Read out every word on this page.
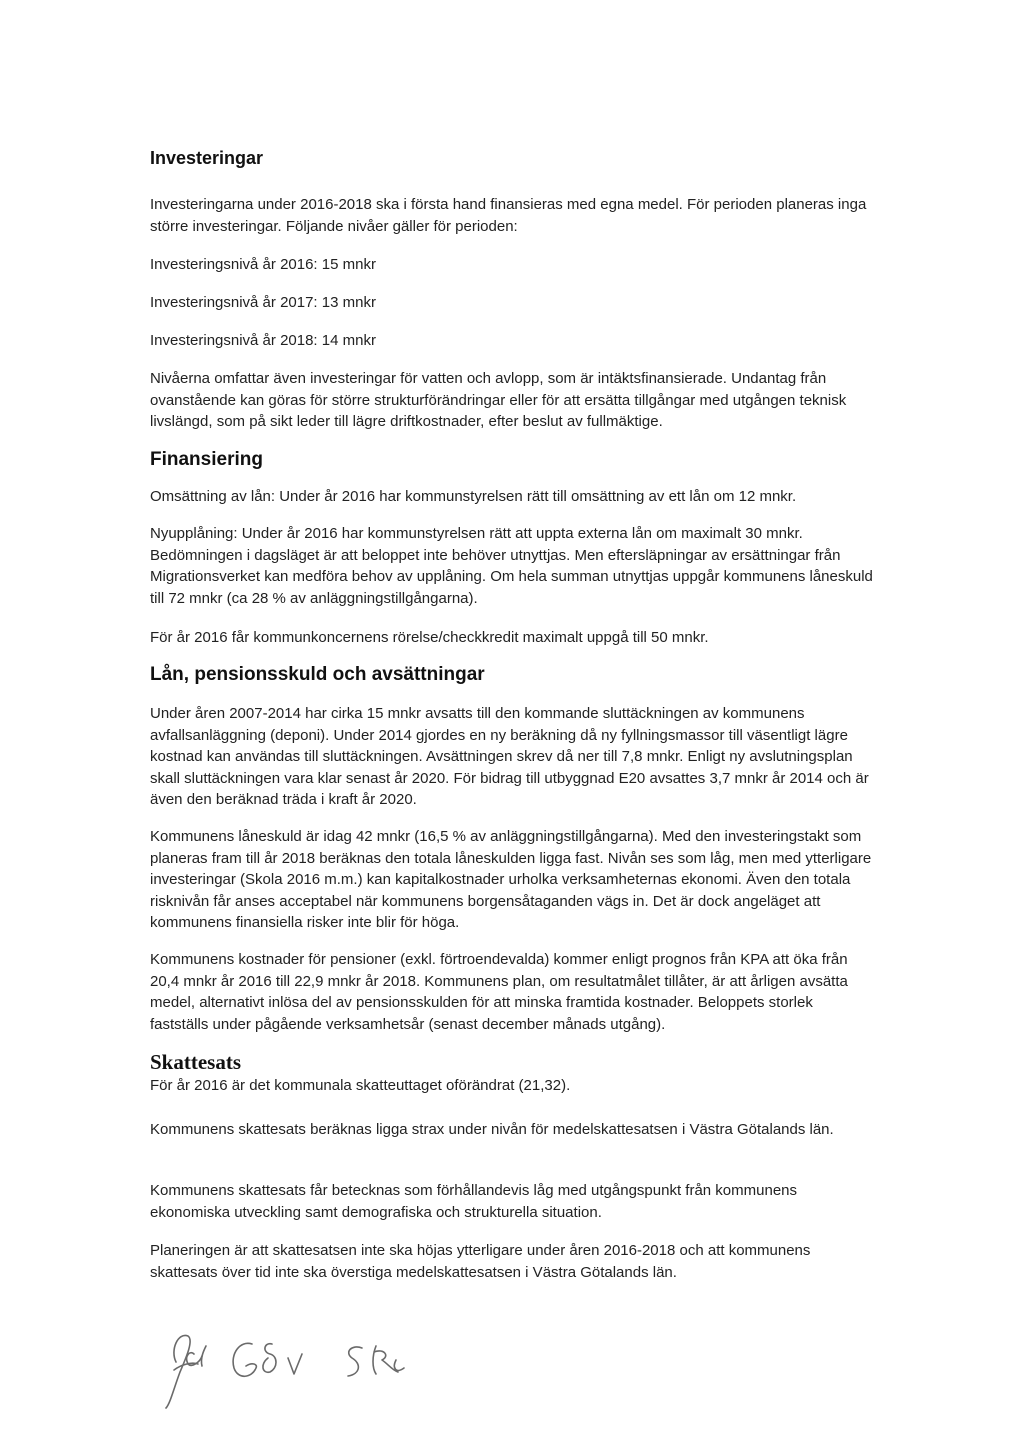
Investeringar

Investeringarna under 2016-2018 ska i första hand finansieras med egna medel. För perioden planeras inga större investeringar. Följande nivåer gäller för perioden:

Investeringsnivå år 2016: 15 mnkr

Investeringsnivå år 2017: 13 mnkr

Investeringsnivå år 2018: 14 mnkr

Nivåerna omfattar även investeringar för vatten och avlopp, som är intäktsfinansierade. Undantag från ovanstående kan göras för större strukturförändringar eller för att ersätta tillgångar med utgången teknisk livslängd, som på sikt leder till lägre driftkostnader, efter beslut av fullmäktige.

Finansiering

Omsättning av lån: Under år 2016 har kommunstyrelsen rätt till omsättning av ett lån om 12 mnkr.

Nyupplåning: Under år 2016 har kommunstyrelsen rätt att uppta externa lån om maximalt 30 mnkr. Bedömningen i dagsläget är att beloppet inte behöver utnyttjas. Men eftersläpningar av ersättningar från Migrationsverket kan medföra behov av upplåning. Om hela summan utnyttjas uppgår kommunens låneskuld till 72 mnkr (ca 28 % av anläggningstillgångarna).

För år 2016 får kommunkoncernens rörelse/checkkredit maximalt uppgå till 50 mnkr.

Lån, pensionsskuld och avsättningar

Under åren 2007-2014 har cirka 15 mnkr avsatts till den kommande sluttäckningen av kommunens avfallsanläggning (deponi). Under 2014 gjordes en ny beräkning då ny fyllningsmassor till väsentligt lägre kostnad kan användas till sluttäckningen. Avsättningen skrev då ner till 7,8 mnkr. Enligt ny avslutningsplan skall sluttäckningen vara klar senast år 2020. För bidrag till utbyggnad E20 avsattes 3,7 mnkr år 2014 och är även den beräknad träda i kraft år 2020.

Kommunens låneskuld är idag 42 mnkr (16,5 % av anläggningstillgångarna). Med den investeringstakt som planeras fram till år 2018 beräknas den totala låneskulden ligga fast. Nivån ses som låg, men med ytterligare investeringar (Skola 2016 m.m.) kan kapitalkostnader urholka verksamheternas ekonomi. Även den totala risknivån får anses acceptabel när kommunens borgensåtaganden vägs in. Det är dock angeläget att kommunens finansiella risker inte blir för höga.

Kommunens kostnader för pensioner (exkl. förtroendevalda) kommer enligt prognos från KPA att öka från 20,4 mnkr år 2016 till 22,9 mnkr år 2018. Kommunens plan, om resultatmålet tillåter, är att årligen avsätta medel, alternativt inlösa del av pensionsskulden för att minska framtida kostnader. Beloppets storlek fastställs under pågående verksamhetsår (senast december månads utgång).

Skattesats

För år 2016 är det kommunala skatteuttaget oförändrat (21,32).

Kommunens skattesats beräknas ligga strax under nivån för medelskattesatsen i Västra Götalands län.

Kommunens skattesats får betecknas som förhållandevis låg med utgångspunkt från kommunens ekonomiska utveckling samt demografiska och strukturella situation.

Planeringen är att skattesatsen inte ska höjas ytterligare under åren 2016-2018 och att kommunens skattesats över tid inte ska överstiga medelskattesatsen i Västra Götalands län.
